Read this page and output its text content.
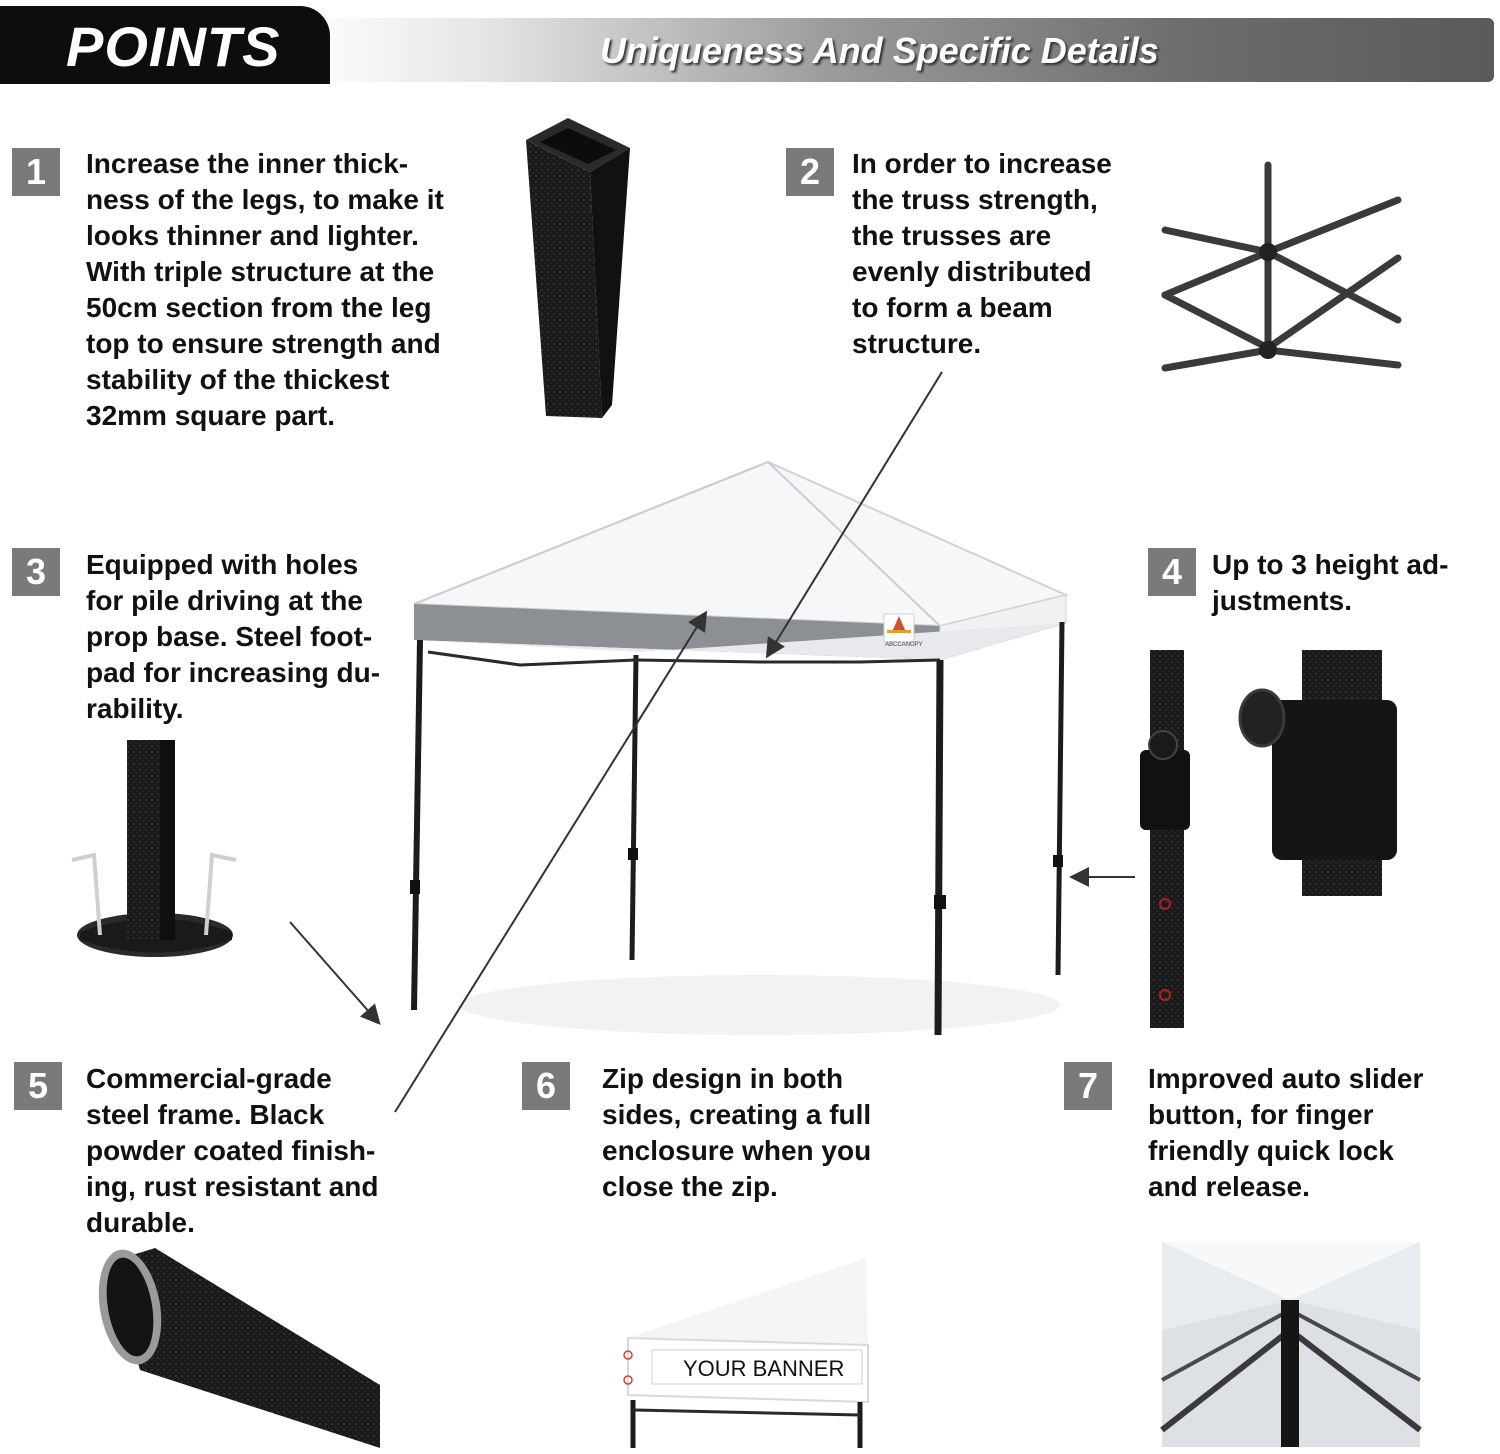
POINTS	Uniqueness And Specific Details
ABCCANOPY
YOUR BANNER
1	Increase the inner thick-
ness of the legs, to make it
looks thinner and lighter.
With triple structure at the
50cm section from the leg
top to ensure strength and
stability of the thickest
32mm square part.
2	In order to increase
the truss strength,
the trusses are
evenly distributed
to form a beam
structure.
3	Equipped with holes
for pile driving at the
prop base. Steel foot-
pad for increasing du-
rability.
4	Up to 3 height ad-
justments.
5	Commercial-grade
steel frame. Black
powder coated finish-
ing, rust resistant and
durable.
6	Zip design in both
sides, creating a full
enclosure when you
close the zip.
7	Improved auto slider
button, for finger
friendly quick lock
and release.
